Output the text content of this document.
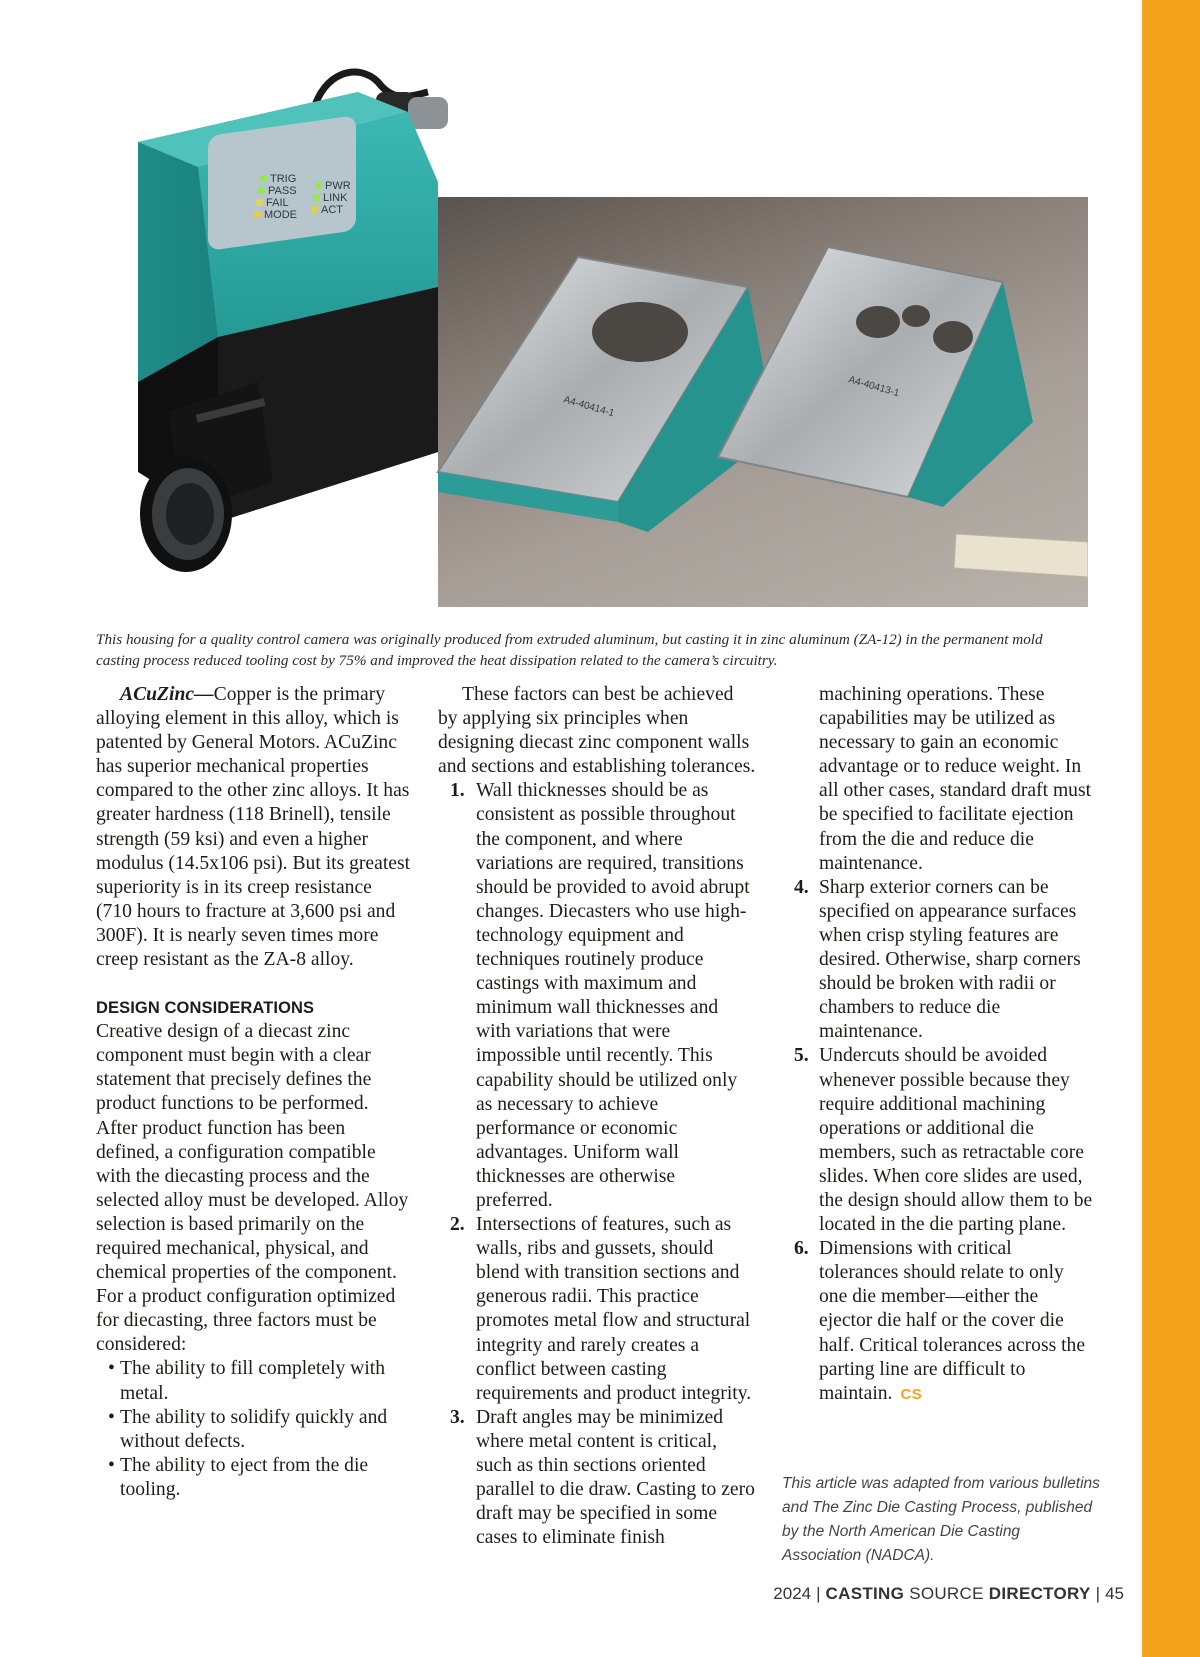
TRIG
PASS
FAIL
MODE
PWR
LINK
ACT
A4-40414-1
A4-40413-1

This housing for a quality control camera was originally produced from extruded aluminum, but casting it in zinc aluminum (ZA-12) in the permanent mold casting process reduced tooling cost by 75% and improved the heat dissipation related to the camera’s circuitry.

ACuZinc—Copper is the primary alloying element in this alloy, which is patented by General Motors. ACuZinc has superior mechanical properties compared to the other zinc alloys. It has greater hardness (118 Brinell), tensile strength (59 ksi) and even a higher modulus (14.5x106 psi). But its greatest superiority is in its creep resistance (710 hours to fracture at 3,600 psi and 300F). It is nearly seven times more creep resistant as the ZA-8 alloy.

DESIGN CONSIDERATIONS

Creative design of a diecast zinc component must begin with a clear statement that precisely defines the product functions to be performed. After product function has been defined, a configuration compatible with the diecasting process and the selected alloy must be developed. Alloy selection is based primarily on the required mechanical, physical, and chemical properties of the component. For a product configuration optimized for diecasting, three factors must be considered:

• The ability to fill completely with metal.
• The ability to solidify quickly and without defects.
• The ability to eject from the die tooling.

These factors can best be achieved by applying six principles when designing diecast zinc component walls and sections and establishing tolerances.

1. Wall thicknesses should be as consistent as possible throughout the component, and where variations are required, transitions should be provided to avoid abrupt changes. Diecasters who use high-technology equipment and techniques routinely produce castings with maximum and minimum wall thicknesses and with variations that were impossible until recently. This capability should be utilized only as necessary to achieve performance or economic advantages. Uniform wall thicknesses are otherwise preferred.
2. Intersections of features, such as walls, ribs and gussets, should blend with transition sections and generous radii. This practice promotes metal flow and structural integrity and rarely creates a conflict between casting requirements and product integrity.
3. Draft angles may be minimized where metal content is critical, such as thin sections oriented parallel to die draw. Casting to zero draft may be specified in some cases to eliminate finish

machining operations. These capabilities may be utilized as necessary to gain an economic advantage or to reduce weight. In all other cases, standard draft must be specified to facilitate ejection from the die and reduce die maintenance.

4. Sharp exterior corners can be specified on appearance surfaces when crisp styling features are desired. Otherwise, sharp corners should be broken with radii or chambers to reduce die maintenance.
5. Undercuts should be avoided whenever possible because they require additional machining operations or additional die members, such as retractable core slides. When core slides are used, the design should allow them to be located in the die parting plane.
6. Dimensions with critical tolerances should relate to only one die member—either the ejector die half or the cover die half. Critical tolerances across the parting line are difficult to maintain. CS

This article was adapted from various bulletins and The Zinc Die Casting Process, published by the North American Die Casting Association (NADCA).

2024 | CASTING SOURCE DIRECTORY | 45
